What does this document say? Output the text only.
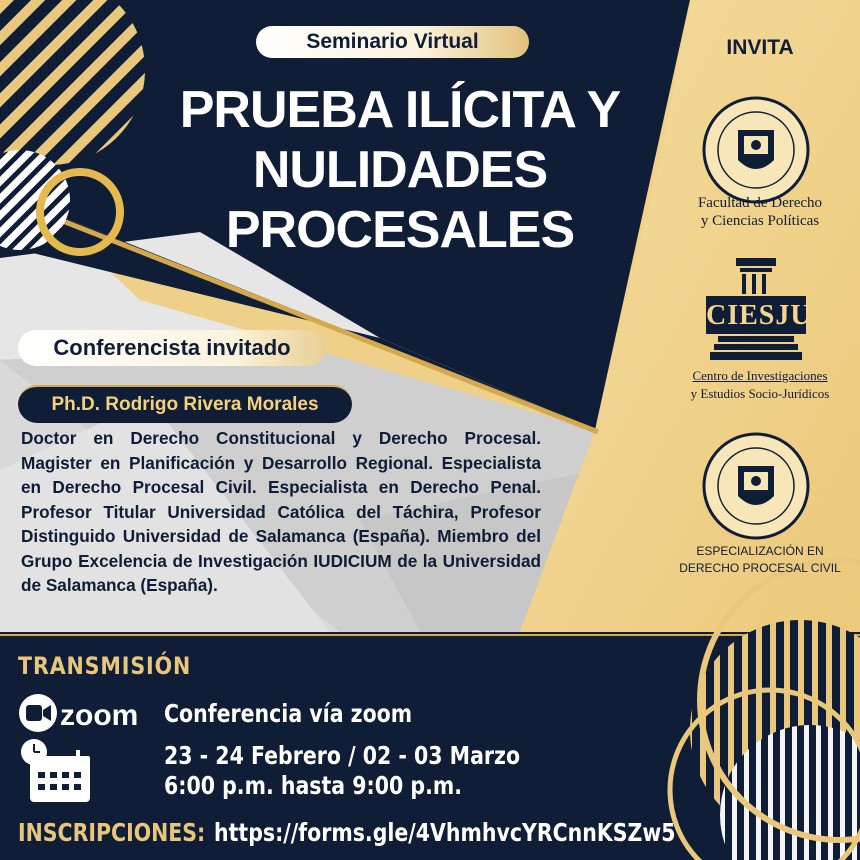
Seminario Virtual
PRUEBA ILÍCITA Y
NULIDADES
PROCESALES
INVITA
Facultad de Derecho
y Ciencias Políticas
CIESJU
Centro de Investigaciones
y Estudios Socio-Jurídicos
ESPECIALIZACIÓN EN
DERECHO PROCESAL CIVIL
Conferencista invitado
Ph.D. Rodrigo Rivera Morales
Doctor en Derecho Constitucional y Derecho Procesal. Magister en Planificación y Desarrollo Regional. Especialista en Derecho Procesal Civil. Especialista en Derecho Penal. Profesor Titular Universidad Católica del Táchira, Profesor Distinguido Universidad de Salamanca (España). Miembro del Grupo Excelencia de Investigación IUDICIUM de la Universidad de Salamanca (España).
TRANSMISIÓN
zoom Conferencia vía zoom
23 - 24 Febrero / 02 - 03 Marzo
6:00 p.m. hasta 9:00 p.m.
INSCRIPCIONES: https://forms.gle/4VhmhvcYRCnnKSZw5
